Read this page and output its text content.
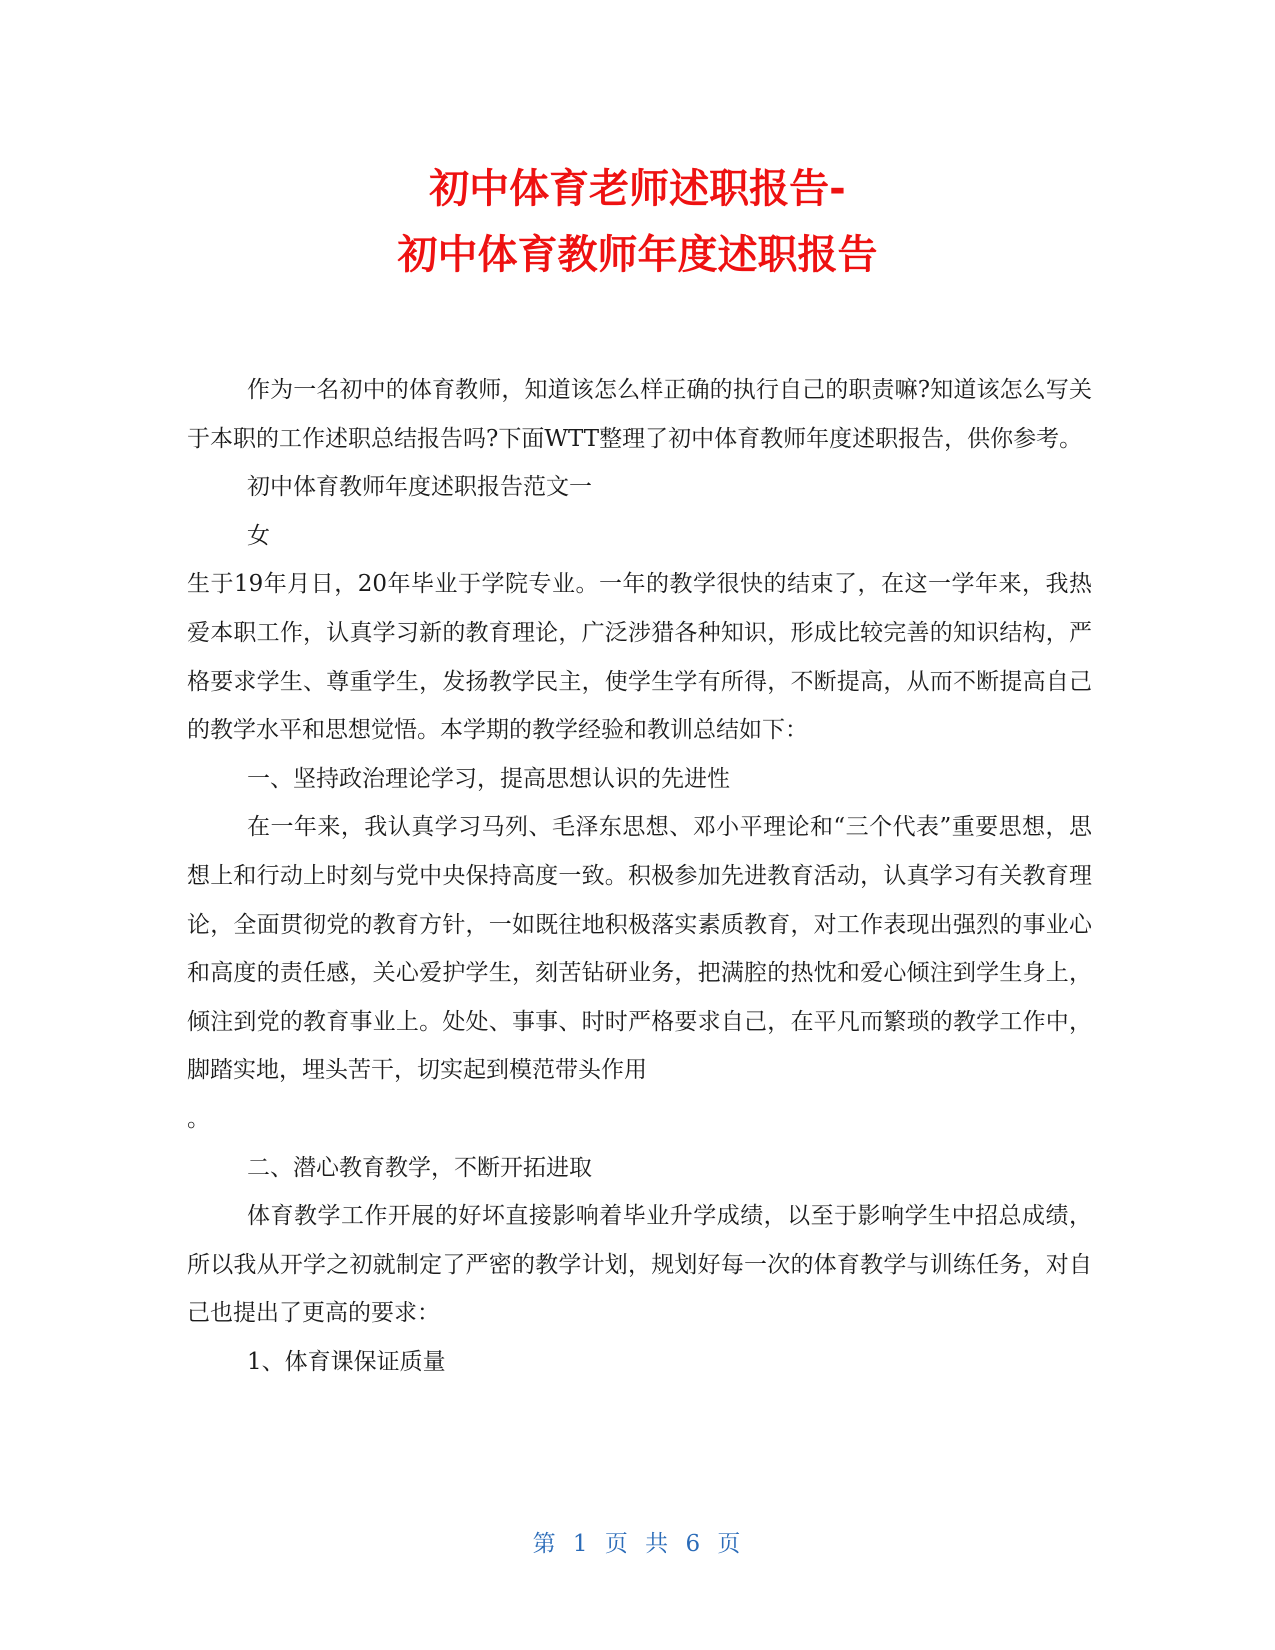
初中体育老师述职报告-
初中体育教师年度述职报告

作为一名初中的体育教师，知道该怎么样正确的执行自己的职责嘛?知道该怎么写关于本职的工作述职总结报告吗?下面WTT整理了初中体育教师年度述职报告，供你参考。

初中体育教师年度述职报告范文一

女

生于19年月日，20年毕业于学院专业。一年的教学很快的结束了，在这一学年来，我热爱本职工作，认真学习新的教育理论，广泛涉猎各种知识，形成比较完善的知识结构，严格要求学生、尊重学生，发扬教学民主，使学生学有所得，不断提高，从而不断提高自己的教学水平和思想觉悟。本学期的教学经验和教训总结如下：

一、坚持政治理论学习，提高思想认识的先进性

在一年来，我认真学习马列、毛泽东思想、邓小平理论和“三个代表”重要思想，思想上和行动上时刻与党中央保持高度一致。积极参加先进教育活动，认真学习有关教育理论，全面贯彻党的教育方针，一如既往地积极落实素质教育，对工作表现出强烈的事业心和高度的责任感，关心爱护学生，刻苦钻研业务，把满腔的热忱和爱心倾注到学生身上，倾注到党的教育事业上。处处、事事、时时严格要求自己，在平凡而繁琐的教学工作中，脚踏实地，埋头苦干，切实起到模范带头作用

。

二、潜心教育教学，不断开拓进取

体育教学工作开展的好坏直接影响着毕业升学成绩，以至于影响学生中招总成绩，所以我从开学之初就制定了严密的教学计划，规划好每一次的体育教学与训练任务，对自己也提出了更高的要求：

1、体育课保证质量

第 1 页 共 6 页
